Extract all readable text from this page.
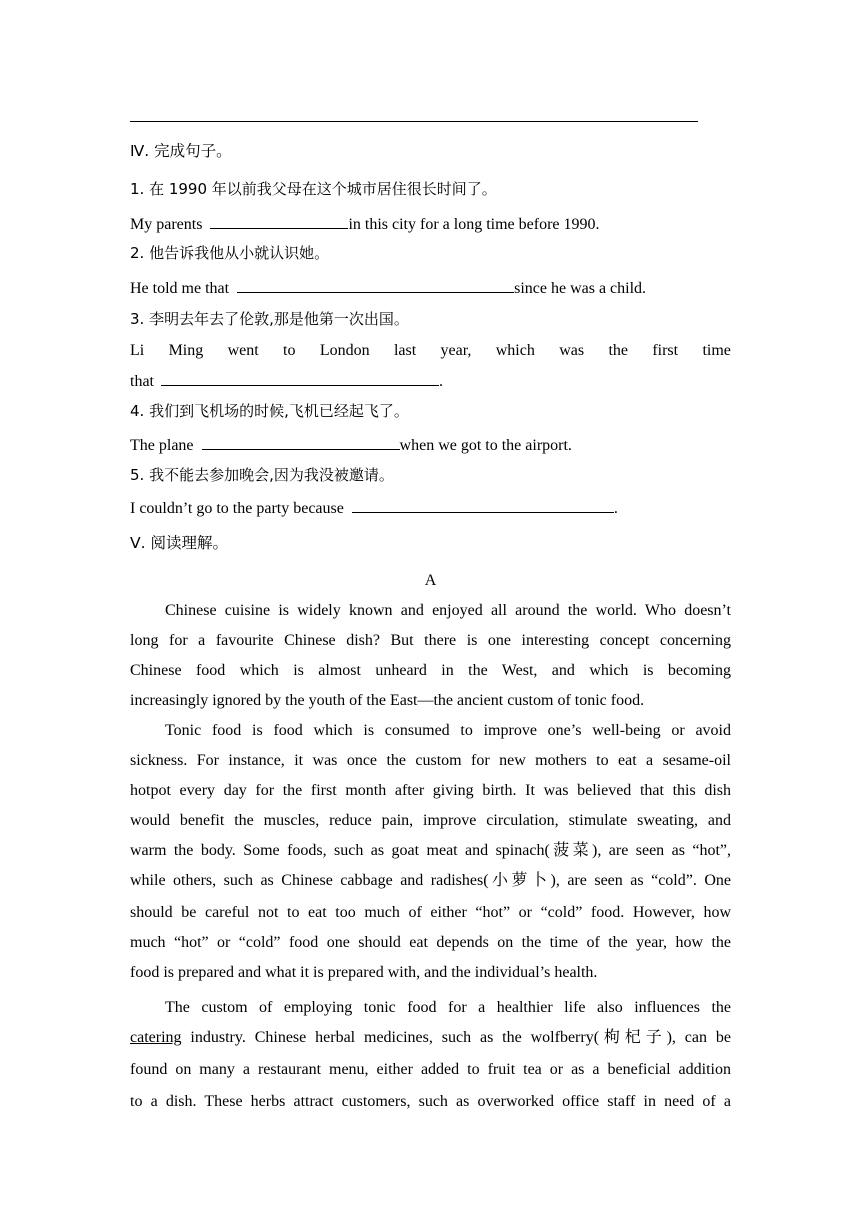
Ⅳ. 完成句子。
1. 在 1990 年以前我父母在这个城市居住很长时间了。
My parents	in this city for a long time before 1990.
2. 他告诉我他从小就认识她。
He told me that	since he was a child.
3. 李明去年去了伦敦,那是他第一次出国。
Li Ming went to London last year, which was the first time
that	.
4. 我们到飞机场的时候,飞机已经起飞了。
The plane	when we got to the airport.
5. 我不能去参加晚会,因为我没被邀请。
I couldn’t go to the party because	.
Ⅴ. 阅读理解。
A

Chinese cuisine is widely known and enjoyed all around the world. Who doesn’t

long for a favourite Chinese dish? But there is one interesting concept concerning

Chinese food which is almost unheard in the West, and which is becoming

increasingly ignored by the youth of the East—the ancient custom of tonic food.

Tonic food is food which is consumed to improve one’s well-being or avoid

sickness. For instance, it was once the custom for new mothers to eat a sesame-oil

hotpot every day for the first month after giving birth. It was believed that this dish

would benefit the muscles, reduce pain, improve circulation, stimulate sweating, and

warm the body. Some foods, such as goat meat and spinach(菠菜), are seen as “hot”,

while others, such as Chinese cabbage and radishes(小萝卜), are seen as “cold”. One

should be careful not to eat too much of either “hot” or “cold” food. However, how

much “hot” or “cold” food one should eat depends on the time of the year, how the

food is prepared and what it is prepared with, and the individual’s health.

The custom of employing tonic food for a healthier life also influences the

catering industry. Chinese herbal medicines, such as the wolfberry(枸杞子), can be

found on many a restaurant menu, either added to fruit tea or as a beneficial addition

to a dish. These herbs attract customers, such as overworked office staff in need of a
